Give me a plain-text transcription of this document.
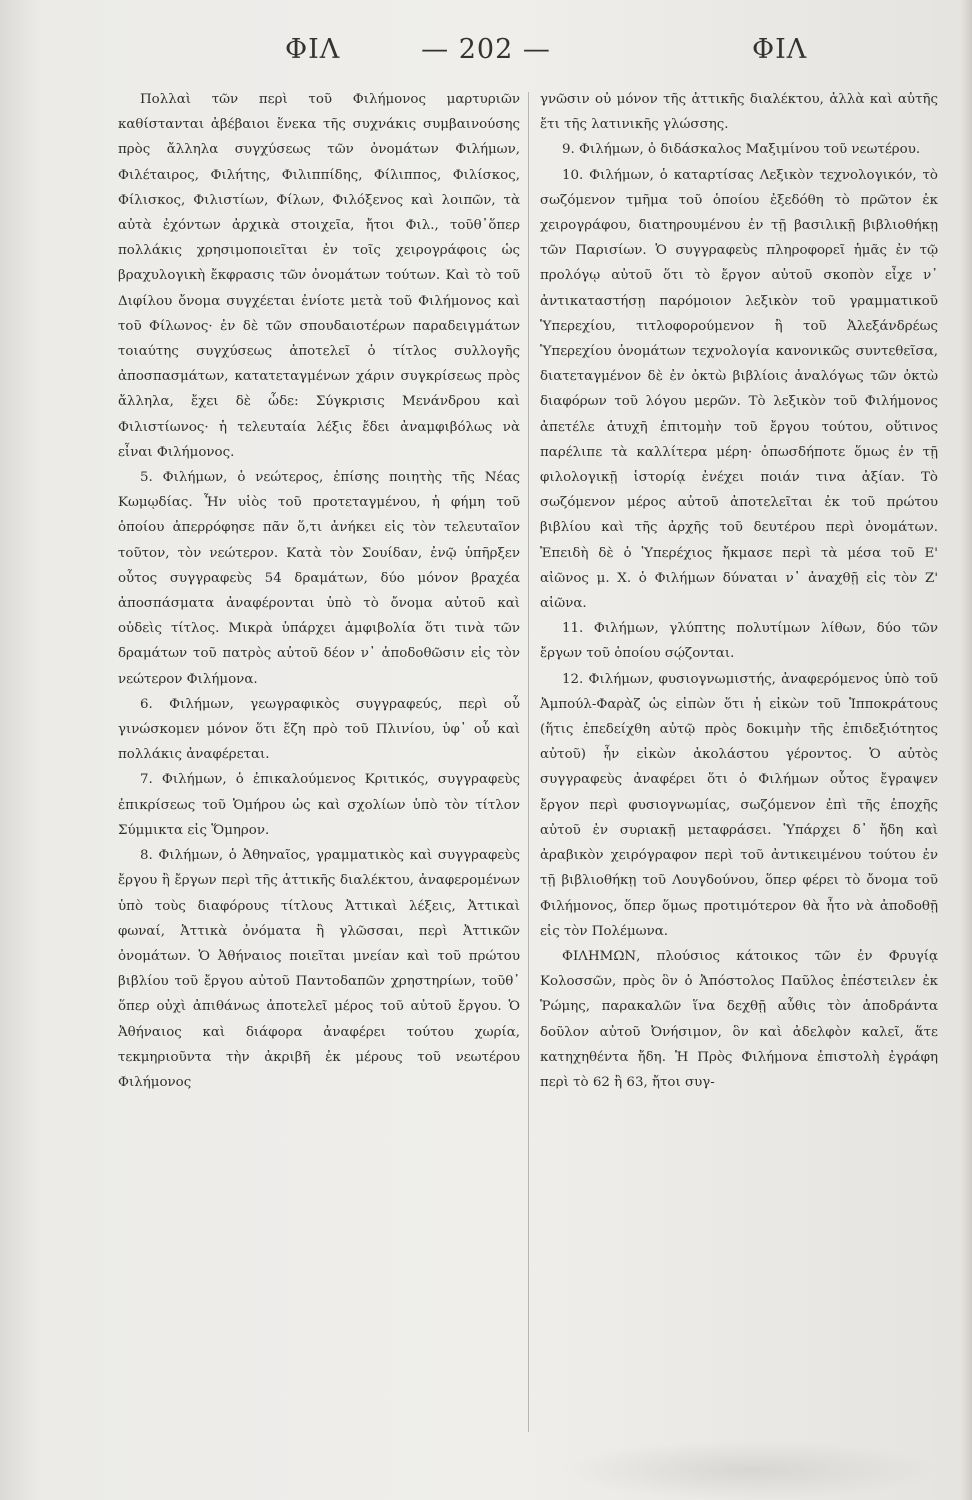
ΦΙΛ	— 202 —	ΦΙΛ

Πολλαὶ τῶν περὶ τοῦ Φιλήμονος μαρτυριῶν καθίστανται ἀβέβαιοι ἕνεκα τῆς συχνάκις συμβαινούσης πρὸς ἄλληλα συγχύσεως τῶν ὀνομάτων Φιλήμων, Φιλέταιρος, Φιλήτης, Φιλιππίδης, Φίλιππος, Φιλίσκος, Φίλισκος, Φιλιστίων, Φίλων, Φιλόξενος καὶ λοιπῶν, τὰ αὐτὰ ἐχόντων ἀρχικὰ στοιχεῖα, ἤτοι Φιλ., τοῦθ᾽ὅπερ πολλάκις χρησιμοποιεῖται ἐν τοῖς χειρογράφοις ὡς βραχυλογικὴ ἔκφρασις τῶν ὀνομάτων τούτων. Καὶ τὸ τοῦ Διφίλου ὄνομα συγχέεται ἐνίοτε μετὰ τοῦ Φιλήμονος καὶ τοῦ Φίλωνος· ἐν δὲ τῶν σπουδαιοτέρων παραδειγμάτων τοιαύτης συγχύσεως ἀποτελεῖ ὁ τίτλος συλλογῆς ἀποσπασμάτων, κατατεταγμένων χάριν συγκρίσεως πρὸς ἄλληλα, ἔχει δὲ ὧδε: Σύγκρισις Μενάνδρου καὶ Φιλιστίωνος· ἡ τελευταία λέξις ἔδει ἀναμφιβόλως νὰ εἶναι Φιλήμονος.

5. Φιλήμων, ὁ νεώτερος, ἐπίσης ποιητὴς τῆς Νέας Κωμῳδίας. Ἦν υἱὸς τοῦ προτεταγμένου, ἡ φήμη τοῦ ὁποίου ἀπερρόφησε πᾶν ὅ,τι ἀνήκει εἰς τὸν τελευταῖον τοῦτον, τὸν νεώτερον. Κατὰ τὸν Σουίδαν, ἐνῷ ὑπῆρξεν οὗτος συγγραφεὺς 54 δραμάτων, δύο μόνον βραχέα ἀποσπάσματα ἀναφέρονται ὑπὸ τὸ ὄνομα αὐτοῦ καὶ οὐδεὶς τίτλος. Μικρὰ ὑπάρχει ἀμφιβολία ὅτι τινὰ τῶν δραμάτων τοῦ πατρὸς αὐτοῦ δέον ν᾽ ἀποδοθῶσιν εἰς τὸν νεώτερον Φιλήμονα.

6. Φιλήμων, γεωγραφικὸς συγγραφεύς, περὶ οὗ γινώσκομεν μόνον ὅτι ἔζη πρὸ τοῦ Πλινίου, ὑφ᾽ οὗ καὶ πολλάκις ἀναφέρεται.

7. Φιλήμων, ὁ ἐπικαλούμενος Κριτικός, συγγραφεὺς ἐπικρίσεως τοῦ Ὁμήρου ὡς καὶ σχολίων ὑπὸ τὸν τίτλον Σύμμικτα εἰς Ὅμηρον.

8. Φιλήμων, ὁ Ἀθηναῖος, γραμματικὸς καὶ συγγραφεὺς ἔργου ἢ ἔργων περὶ τῆς ἀττικῆς διαλέκτου, ἀναφερομένων ὑπὸ τοὺς διαφόρους τίτλους Ἀττικαὶ λέξεις, Ἀττικαὶ φωναί, Ἀττικὰ ὀνόματα ἢ γλῶσσαι, περὶ Ἀττικῶν ὀνομάτων. Ὁ Ἀθήναιος ποιεῖται μνείαν καὶ τοῦ πρώτου βιβλίου τοῦ ἔργου αὐτοῦ Παντοδαπῶν χρηστηρίων, τοῦθ᾽ ὅπερ οὐχὶ ἀπιθάνως ἀποτελεῖ μέρος τοῦ αὐτοῦ ἔργου. Ὁ Ἀθήναιος καὶ διάφορα ἀναφέρει τούτου χωρία, τεκμηριοῦντα τὴν ἀκριβῆ ἐκ μέρους τοῦ νεωτέρου Φιλήμονος

γνῶσιν οὐ μόνον τῆς ἀττικῆς διαλέκτου, ἀλλὰ καὶ αὐτῆς ἔτι τῆς λατινικῆς γλώσσης.

9. Φιλήμων, ὁ διδάσκαλος Μαξιμίνου τοῦ νεωτέρου.

10. Φιλήμων, ὁ καταρτίσας Λεξικὸν τεχνολογικόν, τὸ σωζόμενον τμῆμα τοῦ ὁποίου ἐξεδόθη τὸ πρῶτον ἐκ χειρογράφου, διατηρουμένου ἐν τῇ βασιλικῇ βιβλιοθήκῃ τῶν Παρισίων. Ὁ συγγραφεὺς πληροφορεῖ ἡμᾶς ἐν τῷ προλόγῳ αὐτοῦ ὅτι τὸ ἔργον αὐτοῦ σκοπὸν εἶχε ν᾽ ἀντικαταστήσῃ παρόμοιον λεξικὸν τοῦ γραμματικοῦ Ὑπερεχίου, τιτλοφορούμενον ἢ τοῦ Ἀλεξάνδρέως Ὑπερεχίου ὀνομάτων τεχνολογία κανονικῶς συντεθεῖσα, διατεταγμένον δὲ ἐν ὀκτὼ βιβλίοις ἀναλόγως τῶν ὀκτὼ διαφόρων τοῦ λόγου μερῶν. Τὸ λεξικὸν τοῦ Φιλήμονος ἀπετέλε ἀτυχῆ ἐπιτομὴν τοῦ ἔργου τούτου, οὕτινος παρέλιπε τὰ καλλίτερα μέρη· ὁπωσδήποτε ὅμως ἐν τῇ φιλολογικῇ ἱστορίᾳ ἐνέχει ποιάν τινα ἀξίαν. Τὸ σωζόμενον μέρος αὐτοῦ ἀποτελεῖται ἐκ τοῦ πρώτου βιβλίου καὶ τῆς ἀρχῆς τοῦ δευτέρου περὶ ὀνομάτων. Ἐπειδὴ δὲ ὁ Ὑπερέχιος ἤκμασε περὶ τὰ μέσα τοῦ Ε' αἰῶνος μ. Χ. ὁ Φιλήμων δύναται ν᾽ ἀναχθῇ εἰς τὸν Ζ' αἰῶνα.

11. Φιλήμων, γλύπτης πολυτίμων λίθων, δύο τῶν ἔργων τοῦ ὁποίου σῴζονται.

12. Φιλήμων, φυσιογνωμιστής, ἀναφερόμενος ὑπὸ τοῦ Ἀμπούλ-Φαρὰζ ὡς εἰπὼν ὅτι ἡ εἰκὼν τοῦ Ἱπποκράτους (ἥτις ἐπεδείχθη αὐτῷ πρὸς δοκιμὴν τῆς ἐπιδεξιότητος αὐτοῦ) ἦν εἰκὼν ἀκολάστου γέροντος. Ὁ αὐτὸς συγγραφεὺς ἀναφέρει ὅτι ὁ Φιλήμων οὗτος ἔγραψεν ἔργον περὶ φυσιογνωμίας, σωζόμενον ἐπὶ τῆς ἐποχῆς αὐτοῦ ἐν συριακῇ μεταφράσει. Ὑπάρχει δ᾽ ἤδη καὶ ἀραβικὸν χειρόγραφον περὶ τοῦ ἀντικειμένου τούτου ἐν τῇ βιβλιοθήκῃ τοῦ Λουγδούνου, ὅπερ φέρει τὸ ὄνομα τοῦ Φιλήμονος, ὅπερ ὅμως προτιμότερον θὰ ἦτο νὰ ἀποδοθῇ εἰς τὸν Πολέμωνα.

ΦΙΛΗΜΩΝ, πλούσιος κάτοικος τῶν ἐν Φρυγίᾳ Κολοσσῶν, πρὸς ὃν ὁ Ἀπόστολος Παῦλος ἐπέστειλεν ἐκ Ῥώμης, παρακαλῶν ἵνα δεχθῇ αὖθις τὸν ἀποδράντα δοῦλον αὐτοῦ Ὀνήσιμον, ὃν καὶ ἀδελφὸν καλεῖ, ἅτε κατηχηθέντα ἤδη. Ἡ Πρὸς Φιλήμονα ἐπιστολὴ ἐγράφη περὶ τὸ 62 ἢ 63, ἤτοι συγ-
